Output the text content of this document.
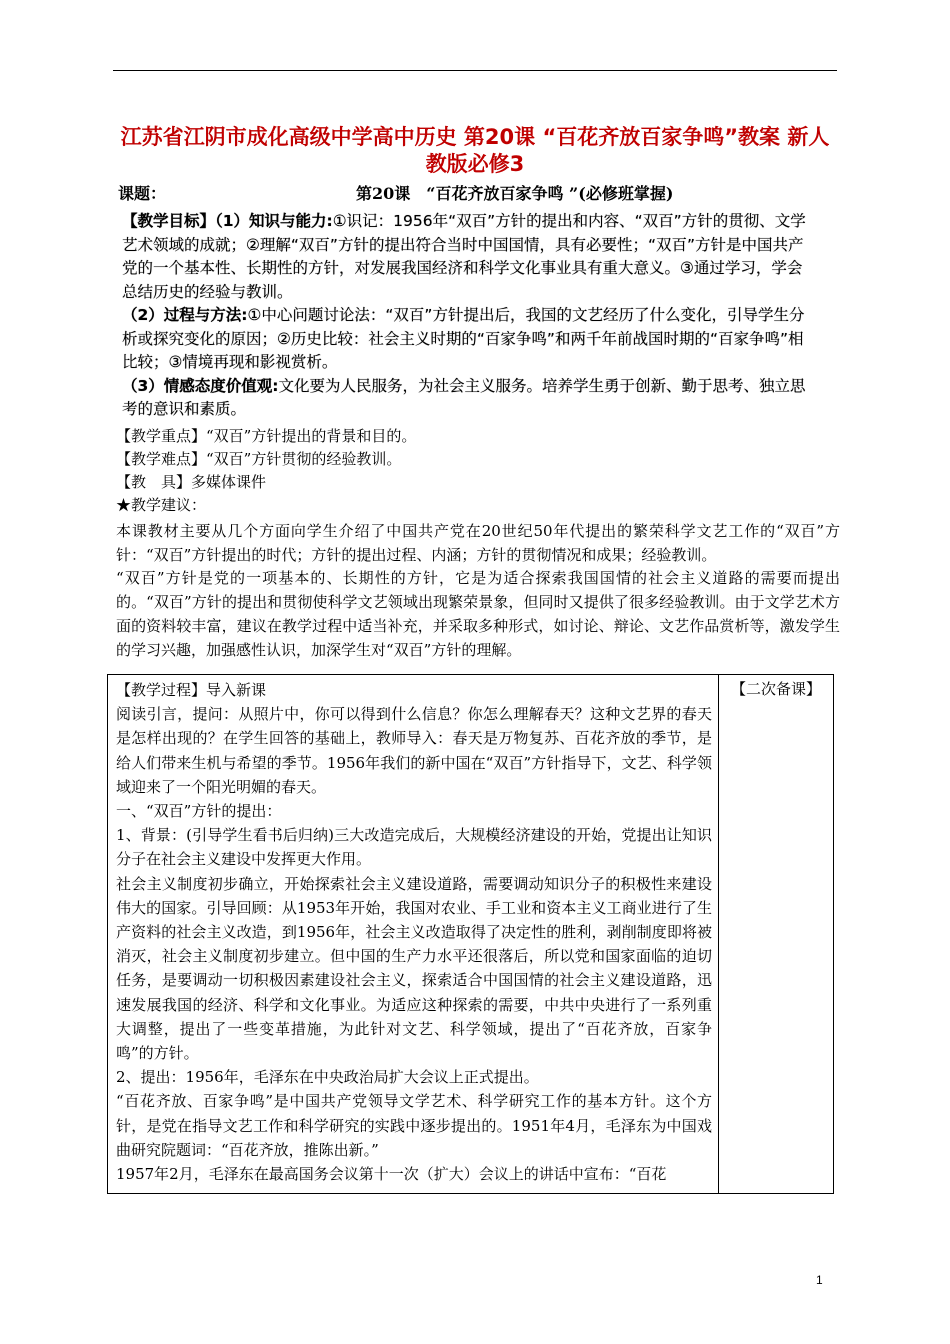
江苏省江阴市成化高级中学高中历史 第20课 “百花齐放百家争鸣”教案 新人教版必修3
课题：	第20课　“百花齐放百家争鸣 ”(必修班掌握)

【教学目标】（1）知识与能力:①识记：1956年“双百”方针的提出和内容、“双百”方针的贯彻、文学艺术领域的成就；②理解“双百”方针的提出符合当时中国国情，具有必要性；“双百”方针是中国共产党的一个基本性、长期性的方针，对发展我国经济和科学文化事业具有重大意义。③通过学习，学会总结历史的经验与教训。

（2）过程与方法:①中心问题讨论法：“双百”方针提出后，我国的文艺经历了什么变化，引导学生分析或探究变化的原因；②历史比较：社会主义时期的“百家争鸣”和两千年前战国时期的“百家争鸣”相比较；③情境再现和影视赏析。

（3）情感态度价值观:文化要为人民服务，为社会主义服务。培养学生勇于创新、勤于思考、独立思考的意识和素质。

【教学重点】“双百”方针提出的背景和目的。

【教学难点】“双百”方针贯彻的经验教训。

【教　具】多媒体课件

★教学建议：

本课教材主要从几个方面向学生介绍了中国共产党在20世纪50年代提出的繁荣科学文艺工作的“双百”方针：“双百”方针提出的时代；方针的提出过程、内涵；方针的贯彻情况和成果；经验教训。

“双百”方针是党的一项基本的、长期性的方针，它是为适合探索我国国情的社会主义道路的需要而提出的。“双百”方针的提出和贯彻使科学文艺领域出现繁荣景象，但同时又提供了很多经验教训。由于文学艺术方面的资料较丰富，建议在教学过程中适当补充，并采取多种形式，如讨论、辩论、文艺作品赏析等，激发学生的学习兴趣，加强感性认识，加深学生对“双百”方针的理解。

【教学过程】导入新课

阅读引言，提问：从照片中，你可以得到什么信息？你怎么理解春天？这种文艺界的春天是怎样出现的？在学生回答的基础上，教师导入：春天是万物复苏、百花齐放的季节，是给人们带来生机与希望的季节。1956年我们的新中国在“双百”方针指导下，文艺、科学领域迎来了一个阳光明媚的春天。

一、“双百”方针的提出：

1、背景：(引导学生看书后归纳)三大改造完成后，大规模经济建设的开始，党提出让知识分子在社会主义建设中发挥更大作用。

社会主义制度初步确立，开始探索社会主义建设道路，需要调动知识分子的积极性来建设伟大的国家。引导回顾：从1953年开始，我国对农业、手工业和资本主义工商业进行了生产资料的社会主义改造，到1956年，社会主义改造取得了决定性的胜利，剥削制度即将被消灭，社会主义制度初步建立。但中国的生产力水平还很落后，所以党和国家面临的迫切任务，是要调动一切积极因素建设社会主义，探索适合中国国情的社会主义建设道路，迅速发展我国的经济、科学和文化事业。为适应这种探索的需要，中共中央进行了一系列重大调整，提出了一些变革措施，为此针对文艺、科学领域，提出了“百花齐放，百家争鸣”的方针。

2、提出：1956年，毛泽东在中央政治局扩大会议上正式提出。

“百花齐放、百家争鸣”是中国共产党领导文学艺术、科学研究工作的基本方针。这个方针，是党在指导文艺工作和科学研究的实践中逐步提出的。1951年4月，毛泽东为中国戏曲研究院题词：“百花齐放，推陈出新。”

1957年2月，毛泽东在最高国务会议第十一次（扩大）会议上的讲话中宣布：“百花

【二次备课】
1
